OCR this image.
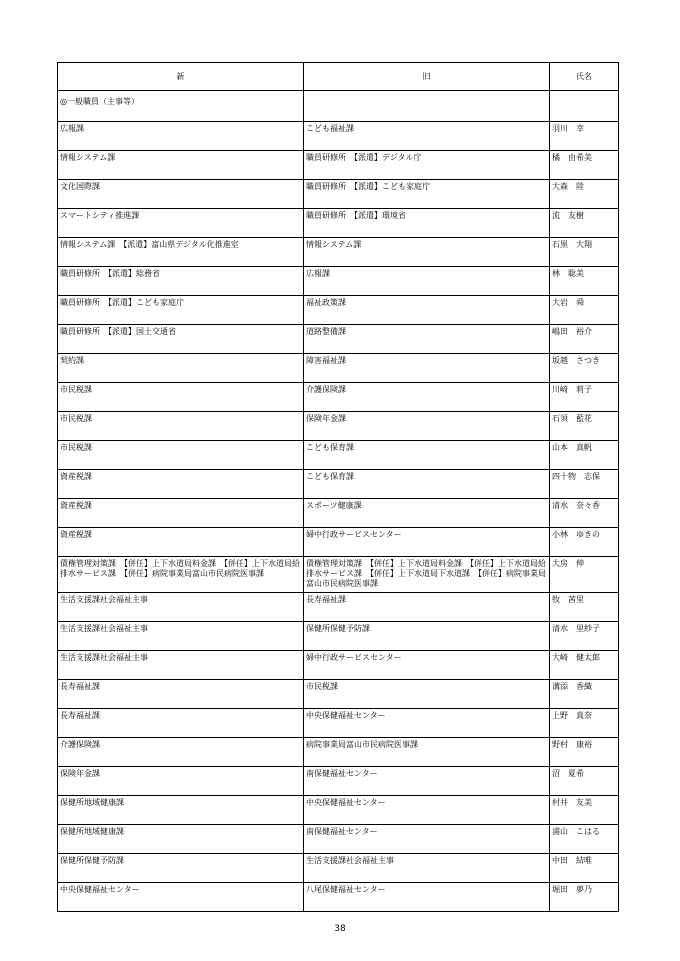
新	旧	氏名
◎一般職員（主事等）		
広報課	こども福祉課	羽川　幸
情報システム課	職員研修所　【派遣】デジタル庁	橘　由希美
文化国際課	職員研修所　【派遣】こども家庭庁	大森　陸
スマートシティ推進課	職員研修所　【派遣】環境省	流　友樹
情報システム課　【派遣】富山県デジタル化推進室	情報システム課	石黒　大翔
職員研修所　【派遣】総務省	広報課	林　聡美
職員研修所　【派遣】こども家庭庁	福祉政策課	大岩　舜
職員研修所　【派遣】国土交通省	道路整備課	嶋田　裕介
契約課	障害福祉課	坂越　さつき
市民税課	介護保険課	川崎　莉子
市民税課	保険年金課	石須　藍花
市民税課	こども保育課	山本　真帆
資産税課	こども保育課	四十物　志保
資産税課	スポーツ健康課	清水　奈々香
資産税課	婦中行政サービスセンター	小林　ゆきの
債権管理対策課　【併任】上下水道局料金課　【併任】上下水道局給排水サービス課　【併任】病院事業局富山市民病院医事課	債権管理対策課　【併任】上下水道局料金課　【併任】上下水道局給排水サービス課　【併任】上下水道局下水道課　【併任】病院事業局富山市民病院医事課	大房　伸
生活支援課社会福祉主事	長寿福祉課	牧　茜里
生活支援課社会福祉主事	保健所保健予防課	清水　里紗子
生活支援課社会福祉主事	婦中行政サービスセンター	大崎　健太郎
長寿福祉課	市民税課	溝添　香織
長寿福祉課	中央保健福祉センター	上野　真奈
介護保険課	病院事業局富山市民病院医事課	野村　康裕
保険年金課	南保健福祉センター	沼　夏希
保健所地域健康課	中央保健福祉センター	村井　友美
保健所地域健康課	南保健福祉センター	浦山　こはる
保健所保健予防課	生活支援課社会福祉主事	中田　結唯
中央保健福祉センター	八尾保健福祉センター	堀田　夢乃
38
